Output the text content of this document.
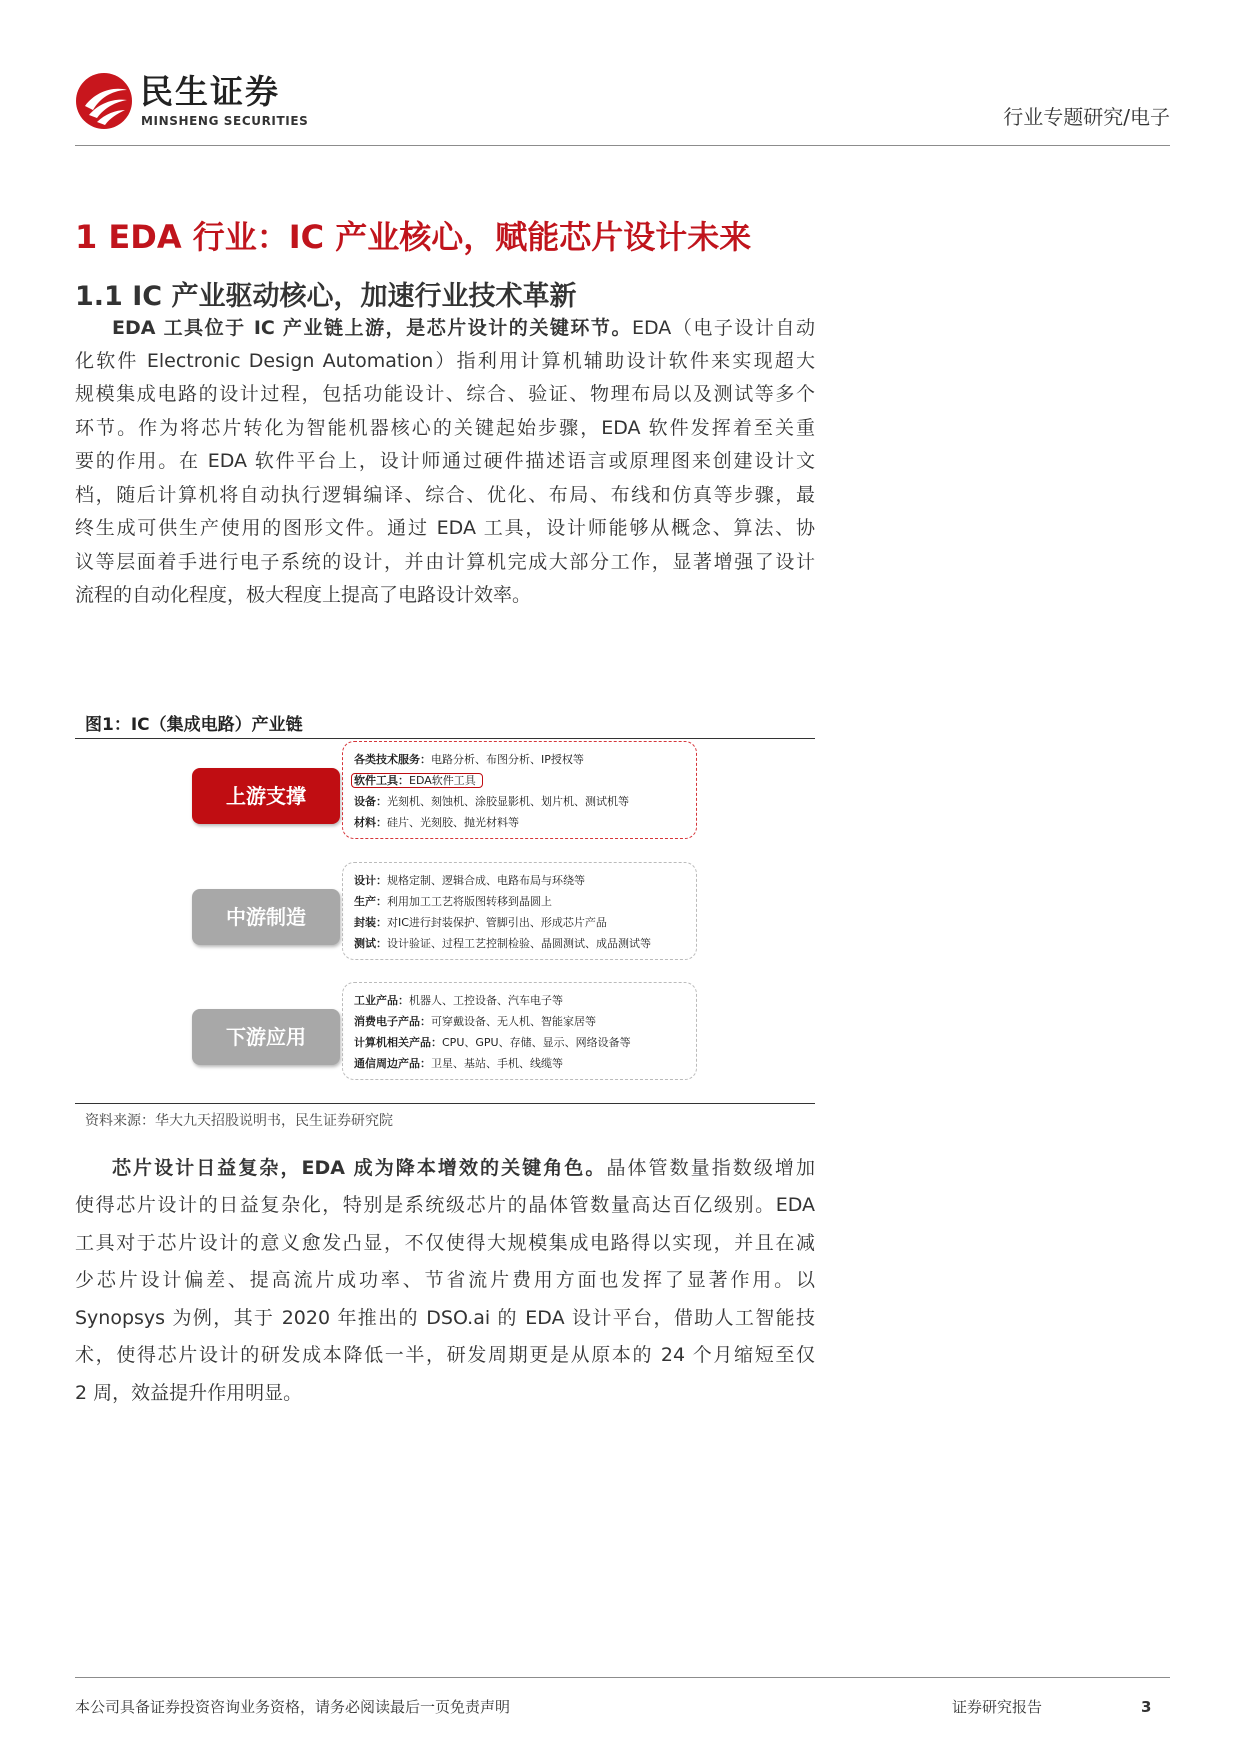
民生证券
MINSHENG SECURITIES	行业专题研究/电子
1 EDA 行业：IC 产业核心，赋能芯片设计未来
1.1 IC 产业驱动核心，加速行业技术革新
EDA 工具位于 IC 产业链上游，是芯片设计的关键环节。EDA（电子设计自动
化软件 Electronic Design Automation）指利用计算机辅助设计软件来实现超大
规模集成电路的设计过程，包括功能设计、综合、验证、物理布局以及测试等多个
环节。作为将芯片转化为智能机器核心的关键起始步骤，EDA 软件发挥着至关重
要的作用。在 EDA 软件平台上，设计师通过硬件描述语言或原理图来创建设计文
档，随后计算机将自动执行逻辑编译、综合、优化、布局、布线和仿真等步骤，最
终生成可供生产使用的图形文件。通过 EDA 工具，设计师能够从概念、算法、协
议等层面着手进行电子系统的设计，并由计算机完成大部分工作，显著增强了设计
流程的自动化程度，极大程度上提高了电路设计效率。
图1：IC（集成电路）产业链
上游支撑
各类技术服务：电路分析、布图分析、IP授权等
软件工具：EDA软件工具
设备：光刻机、刻蚀机、涂胶显影机、划片机、测试机等
材料：硅片、光刻胶、抛光材料等
中游制造
设计：规格定制、逻辑合成、电路布局与环绕等
生产：利用加工工艺将版图转移到晶圆上
封装：对IC进行封装保护、管脚引出、形成芯片产品
测试：设计验证、过程工艺控制检验、晶圆测试、成品测试等
下游应用
工业产品：机器人、工控设备、汽车电子等
消费电子产品：可穿戴设备、无人机、智能家居等
计算机相关产品：CPU、GPU、存储、显示、网络设备等
通信周边产品：卫星、基站、手机、线缆等
资料来源：华大九天招股说明书，民生证券研究院
芯片设计日益复杂，EDA 成为降本增效的关键角色。晶体管数量指数级增加
使得芯片设计的日益复杂化，特别是系统级芯片的晶体管数量高达百亿级别。EDA
工具对于芯片设计的意义愈发凸显，不仅使得大规模集成电路得以实现，并且在减
少芯片设计偏差、提高流片成功率、节省流片费用方面也发挥了显著作用。以
Synopsys 为例，其于 2020 年推出的 DSO.ai 的 EDA 设计平台，借助人工智能技
术，使得芯片设计的研发成本降低一半，研发周期更是从原本的 24 个月缩短至仅
2 周，效益提升作用明显。
本公司具备证券投资咨询业务资格，请务必阅读最后一页免责声明	证券研究报告	3
